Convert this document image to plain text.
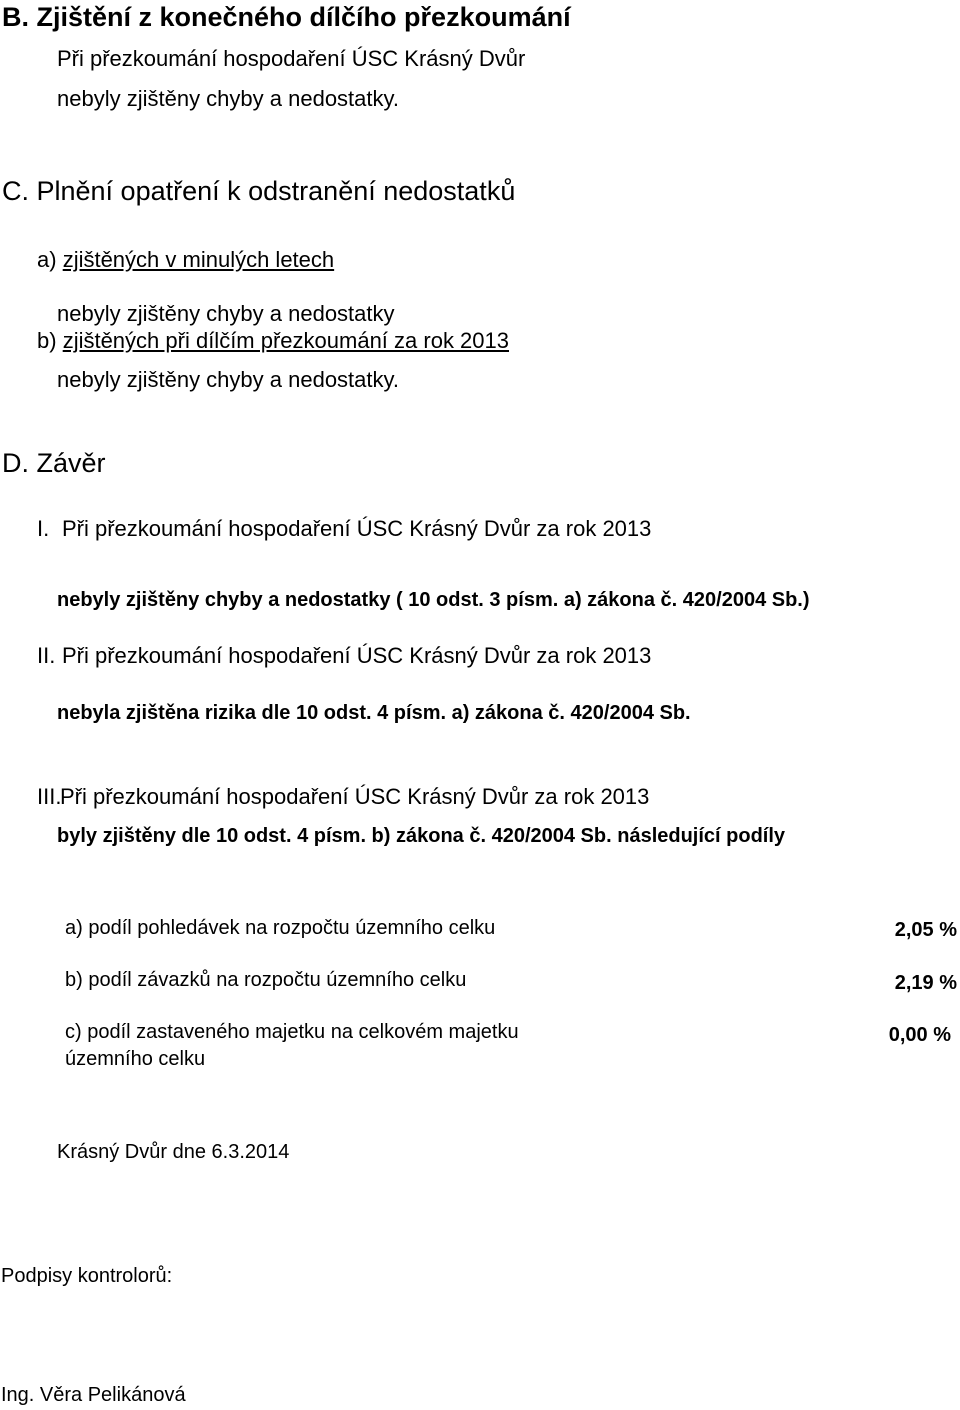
B. Zjištění z konečného dílčího přezkoumání
Při přezkoumání hospodaření ÚSC Krásný Dvůr
nebyly zjištěny chyby a nedostatky.
C. Plnění opatření k odstranění nedostatků
a) zjištěných v minulých letech
nebyly zjištěny chyby a nedostatky
b) zjištěných při dílčím přezkoumání za rok 2013
nebyly zjištěny chyby a nedostatky.
D. Závěr
I. Při přezkoumání hospodaření ÚSC Krásný Dvůr za rok 2013
nebyly zjištěny chyby a nedostatky ( 10 odst. 3 písm. a) zákona č. 420/2004 Sb.)
II. Při přezkoumání hospodaření ÚSC Krásný Dvůr za rok 2013
nebyla zjištěna rizika dle 10 odst. 4 písm. a) zákona č. 420/2004 Sb.
III.
Při přezkoumání hospodaření ÚSC Krásný Dvůr za rok 2013
byly zjištěny dle 10 odst. 4 písm. b) zákona č. 420/2004 Sb. následující podíly
a) podíl pohledávek na rozpočtu územního celku	2,05 %
b) podíl závazků na rozpočtu územního celku	2,19 %
c) podíl zastaveného majetku na celkovém majetku
územního celku
0,00 %
Krásný Dvůr dne 6.3.2014
Podpisy kontrolorů:
Ing. Věra Pelikánová
